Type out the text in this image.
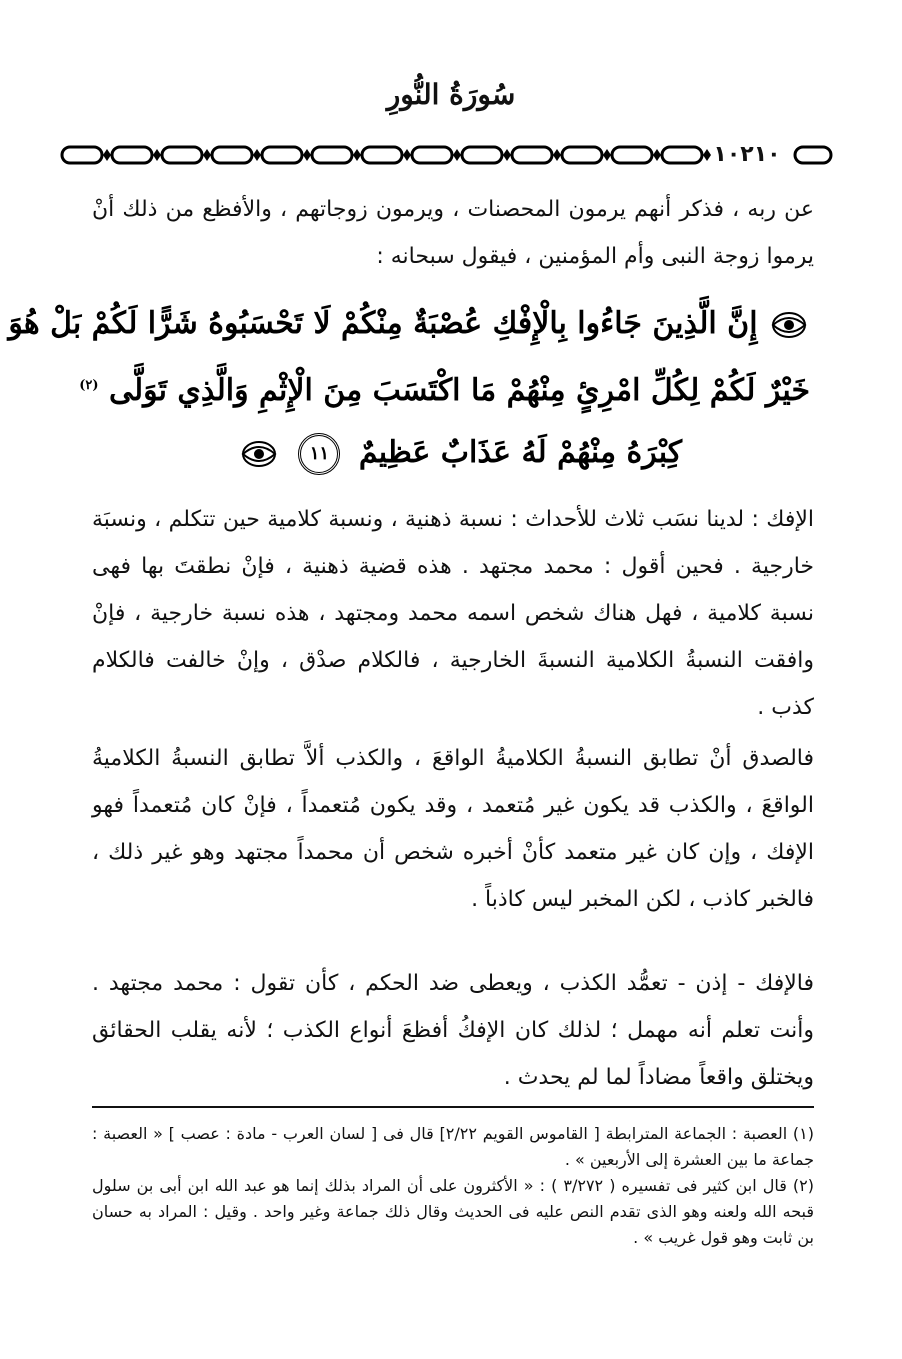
سُورَةُ النُّورِ
١٠٢١٠

عن ربه ، فذكر أنهم يرمون المحصنات ، ويرمون زوجاتهم ، والأفظع من ذلك أنْ يرموا زوجة النبى وأم المؤمنين ، فيقول سبحانه :

إِنَّ الَّذِينَ جَاءُوا بِالْإِفْكِ عُصْبَةٌ مِنْكُمْ لَا تَحْسَبُوهُ شَرًّا لَكُمْ بَلْ هُوَ
خَيْرٌ لَكُمْ لِكُلِّ امْرِئٍ مِنْهُمْ مَا اكْتَسَبَ مِنَ الْإِثْمِ وَالَّذِي تَوَلَّى $^{(٢)}$
كِبْرَهُ مِنْهُمْ لَهُ عَذَابٌ عَظِيمٌ ١١

الإفك : لدينا نسَب ثلاث للأحداث : نسبة ذهنية ، ونسبة كلامية حين تتكلم ، ونسبَة خارجية . فحين أقول : محمد مجتهد . هذه قضية ذهنية ، فإنْ نطقتَ بها فهى نسبة كلامية ، فهل هناك شخص اسمه محمد ومجتهد ، هذه نسبة خارجية ، فإنْ وافقت النسبةُ الكلامية النسبةَ الخارجية ، فالكلام صدْق ، وإنْ خالفت فالكلام كذب .

فالصدق أنْ تطابق النسبةُ الكلاميةُ الواقعَ ، والكذب ألاَّ تطابق النسبةُ الكلاميةُ الواقعَ ، والكذب قد يكون غير مُتعمد ، وقد يكون مُتعمداً ، فإنْ كان مُتعمداً فهو الإفك ، وإن كان غير متعمد كأنْ أخبره شخص أن محمداً مجتهد وهو غير ذلك ، فالخبر كاذب ، لكن المخبر ليس كاذباً .

فالإفك - إذن - تعمُّد الكذب ، ويعطى ضد الحكم ، كأن تقول : محمد مجتهد . وأنت تعلم أنه مهمل ؛ لذلك كان الإفكُ أفظعَ أنواع الكذب ؛ لأنه يقلب الحقائق ويختلق واقعاً مضاداً لما لم يحدث .

(١) العصبة : الجماعة المترابطة [ القاموس القويم ٢/٢٢] قال فى [ لسان العرب - مادة : عصب ] « العصبة : جماعة ما بين العشرة إلى الأربعين » .

(٢) قال ابن كثير فى تفسيره ( ٣/٢٧٢ ) : « الأكثرون على أن المراد بذلك إنما هو عبد الله ابن أبى بن سلول قبحه الله ولعنه وهو الذى تقدم النص عليه فى الحديث وقال ذلك جماعة وغير واحد . وقيل : المراد به حسان بن ثابت وهو قول غريب » .
